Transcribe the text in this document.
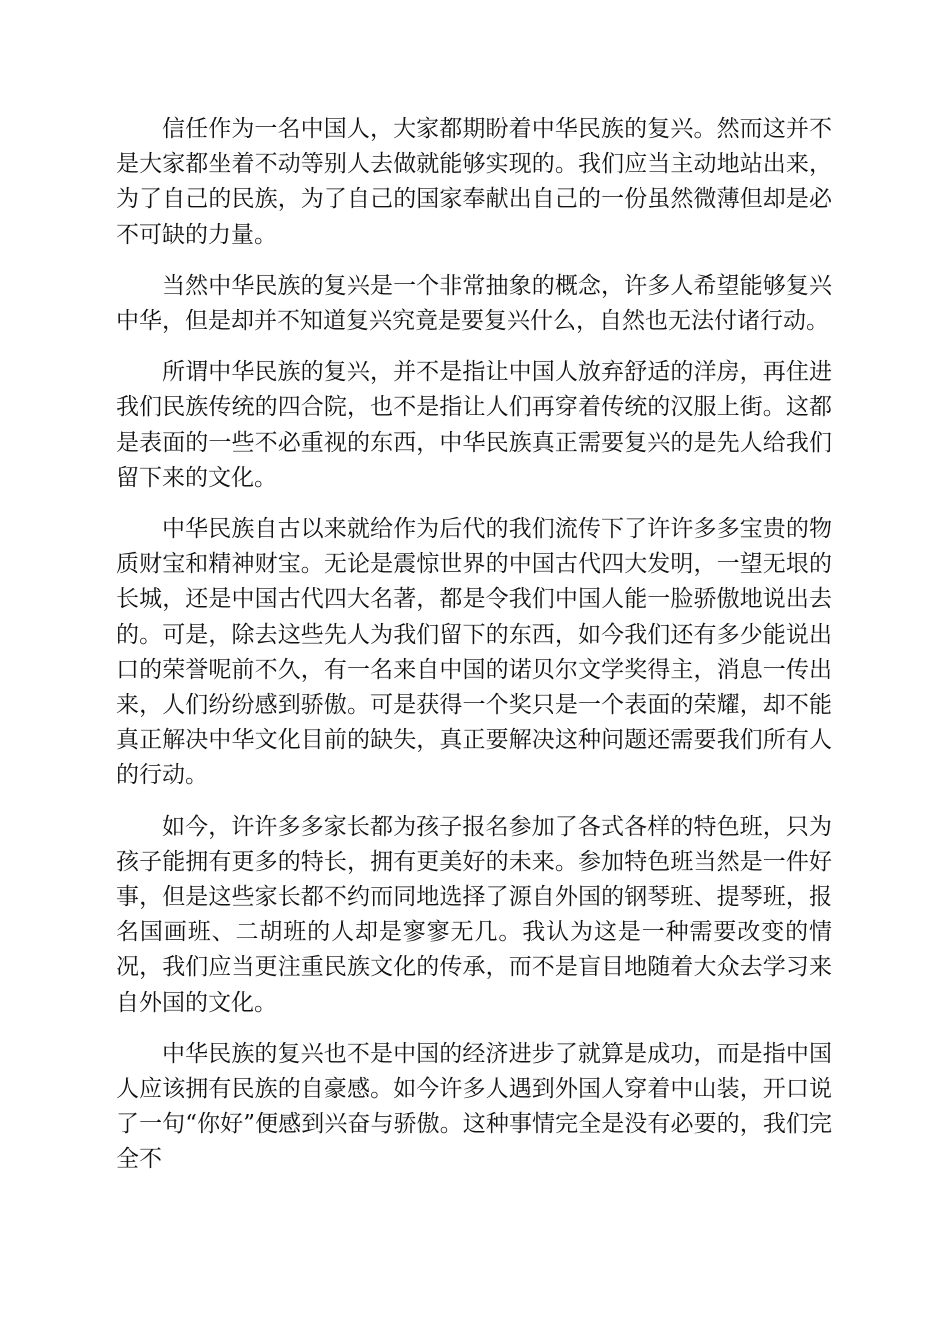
信任作为一名中国人，大家都期盼着中华民族的复兴。然而这并不是大家都坐着不动等别人去做就能够实现的。我们应当主动地站出来，为了自己的民族，为了自己的国家奉献出自己的一份虽然微薄但却是必不可缺的力量。

当然中华民族的复兴是一个非常抽象的概念，许多人希望能够复兴中华，但是却并不知道复兴究竟是要复兴什么，自然也无法付诸行动。

所谓中华民族的复兴，并不是指让中国人放弃舒适的洋房，再住进我们民族传统的四合院，也不是指让人们再穿着传统的汉服上街。这都是表面的一些不必重视的东西，中华民族真正需要复兴的是先人给我们留下来的文化。

中华民族自古以来就给作为后代的我们流传下了许许多多宝贵的物质财宝和精神财宝。无论是震惊世界的中国古代四大发明，一望无垠的长城，还是中国古代四大名著，都是令我们中国人能一脸骄傲地说出去的。可是，除去这些先人为我们留下的东西，如今我们还有多少能说出口的荣誉呢前不久，有一名来自中国的诺贝尔文学奖得主，消息一传出来，人们纷纷感到骄傲。可是获得一个奖只是一个表面的荣耀，却不能真正解决中华文化目前的缺失，真正要解决这种问题还需要我们所有人的行动。

如今，许许多多家长都为孩子报名参加了各式各样的特色班，只为孩子能拥有更多的特长，拥有更美好的未来。参加特色班当然是一件好事，但是这些家长都不约而同地选择了源自外国的钢琴班、提琴班，报名国画班、二胡班的人却是寥寥无几。我认为这是一种需要改变的情况，我们应当更注重民族文化的传承，而不是盲目地随着大众去学习来自外国的文化。

中华民族的复兴也不是中国的经济进步了就算是成功，而是指中国人应该拥有民族的自豪感。如今许多人遇到外国人穿着中山装，开口说了一句“你好”便感到兴奋与骄傲。这种事情完全是没有必要的，我们完全不
